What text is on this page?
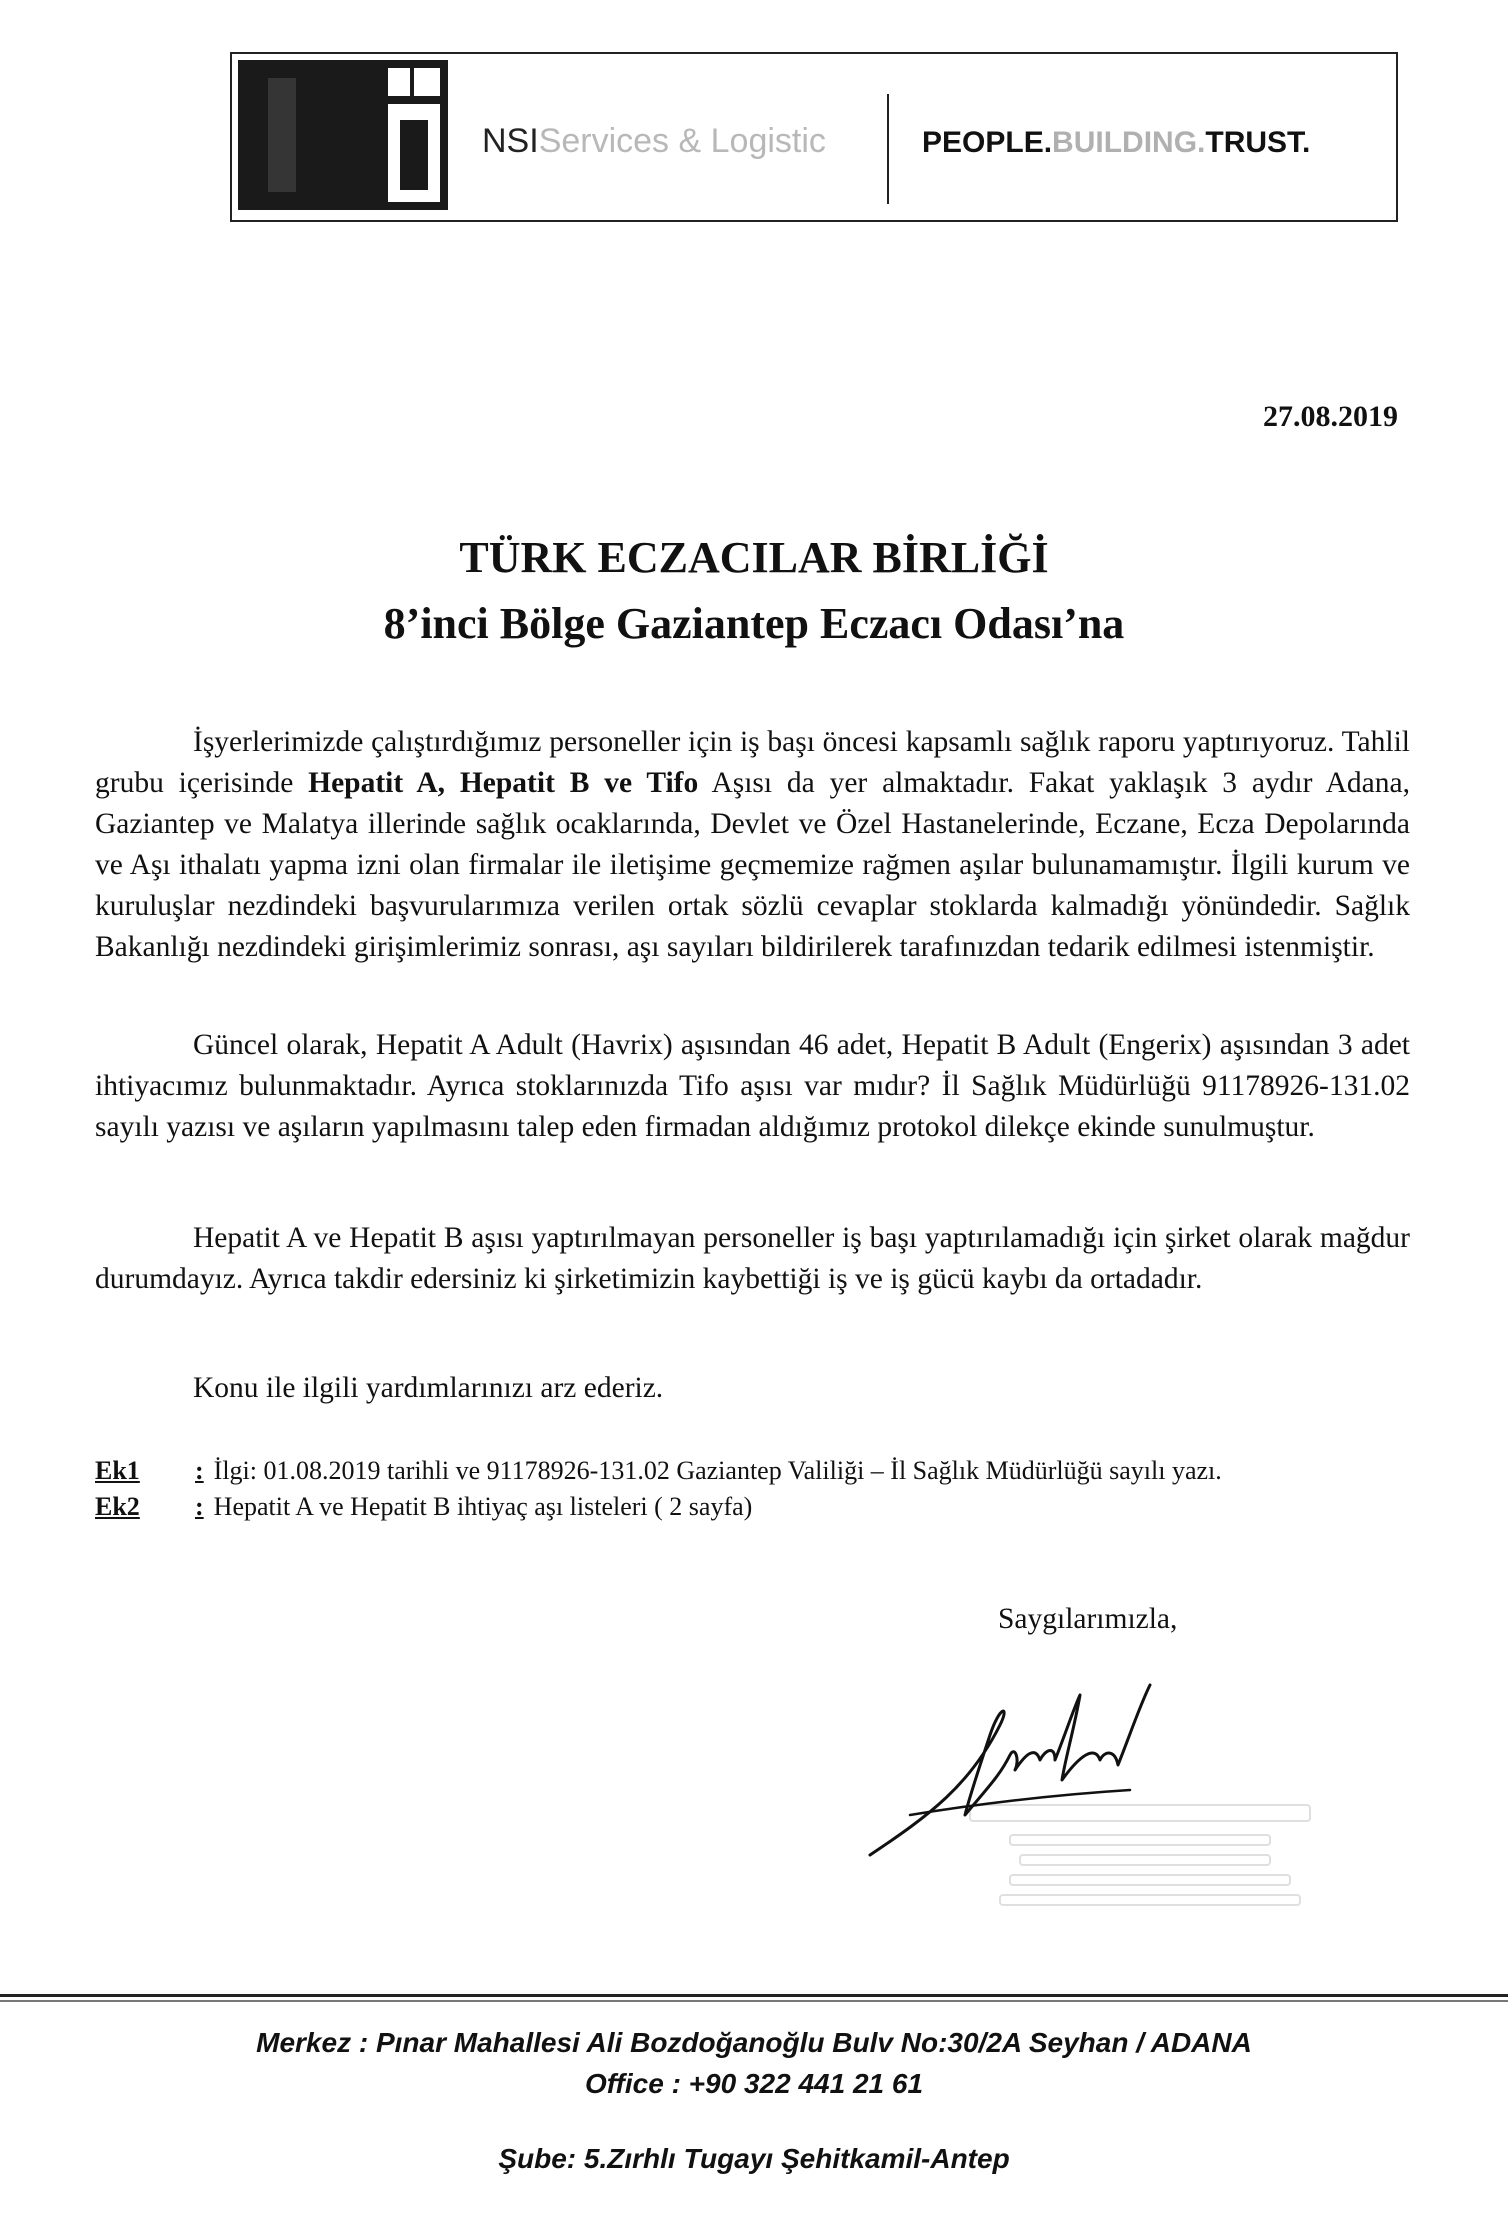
NSIServices & Logistic	PEOPLE.BUILDING.TRUST.
27.08.2019
TÜRK ECZACILAR BİRLİĞİ
8’inci Bölge Gaziantep Eczacı Odası’na

İşyerlerimizde çalıştırdığımız personeller için iş başı öncesi kapsamlı sağlık raporu yaptırıyoruz. Tahlil grubu içerisinde Hepatit A, Hepatit B ve Tifo Aşısı da yer almaktadır. Fakat yaklaşık 3 aydır Adana, Gaziantep ve Malatya illerinde sağlık ocaklarında, Devlet ve Özel Hastanelerinde, Eczane, Ecza Depolarında ve Aşı ithalatı yapma izni olan firmalar ile iletişime geçmemize rağmen aşılar bulunamamıştır. İlgili kurum ve kuruluşlar nezdindeki başvurularımıza verilen ortak sözlü cevaplar stoklarda kalmadığı yönündedir. Sağlık Bakanlığı nezdindeki girişimlerimiz sonrası, aşı sayıları bildirilerek tarafınızdan tedarik edilmesi istenmiştir.

Güncel olarak, Hepatit A Adult (Havrix) aşısından 46 adet, Hepatit B Adult (Engerix) aşısından 3 adet ihtiyacımız bulunmaktadır. Ayrıca stoklarınızda Tifo aşısı var mıdır? İl Sağlık Müdürlüğü 91178926-131.02 sayılı yazısı ve aşıların yapılmasını talep eden firmadan aldığımız protokol dilekçe ekinde sunulmuştur.

Hepatit A ve Hepatit B aşısı yaptırılmayan personeller iş başı yaptırılamadığı için şirket olarak mağdur durumdayız. Ayrıca takdir edersiniz ki şirketimizin kaybettiği iş ve iş gücü kaybı da ortadadır.

Konu ile ilgili yardımlarınızı arz ederiz.

Ek1 : İlgi: 01.08.2019 tarihli ve 91178926-131.02 Gaziantep Valiliği – İl Sağlık Müdürlüğü sayılı yazı.
Ek2 : Hepatit A ve Hepatit B ihtiyaç aşı listeleri ( 2 sayfa)
Saygılarımızla,
Merkez : Pınar Mahallesi Ali Bozdoğanoğlu Bulv No:30/2A Seyhan / ADANA
Office : +90 322 441 21 61
Şube: 5.Zırhlı Tugayı Şehitkamil-Antep
